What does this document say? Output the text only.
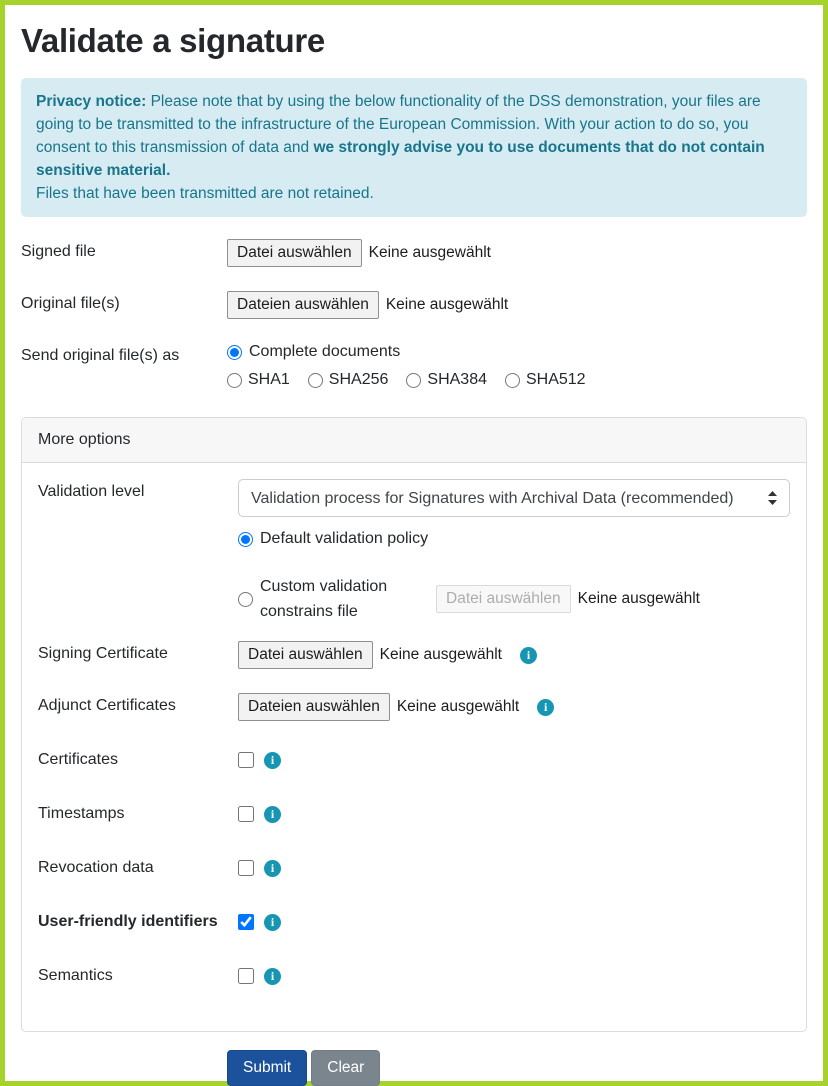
Validate a signature
Privacy notice: Please note that by using the below functionality of the DSS demonstration, your files are going to be transmitted to the infrastructure of the European Commission. With your action to do so, you consent to this transmission of data and we strongly advise you to use documents that do not contain sensitive material.
Files that have been transmitted are not retained.
Signed file	Datei auswählen	Keine ausgewählt
Original file(s)	Dateien auswählen	Keine ausgewählt
Send original file(s) as	Complete documents
SHA1 SHA256 SHA384 SHA512
More options
Validation level
Validation process for Signatures with Archival Data (recommended)
Default validation policy
Custom validation constrains file
Datei auswählen	Keine ausgewählt
Signing Certificate	Datei auswählen	Keine ausgewählt	i
Adjunct Certificates	Dateien auswählen	Keine ausgewählt	i
Certificates	i
Timestamps	i
Revocation data	i
User-friendly identifiers	i
Semantics	i
Submit	Clear
